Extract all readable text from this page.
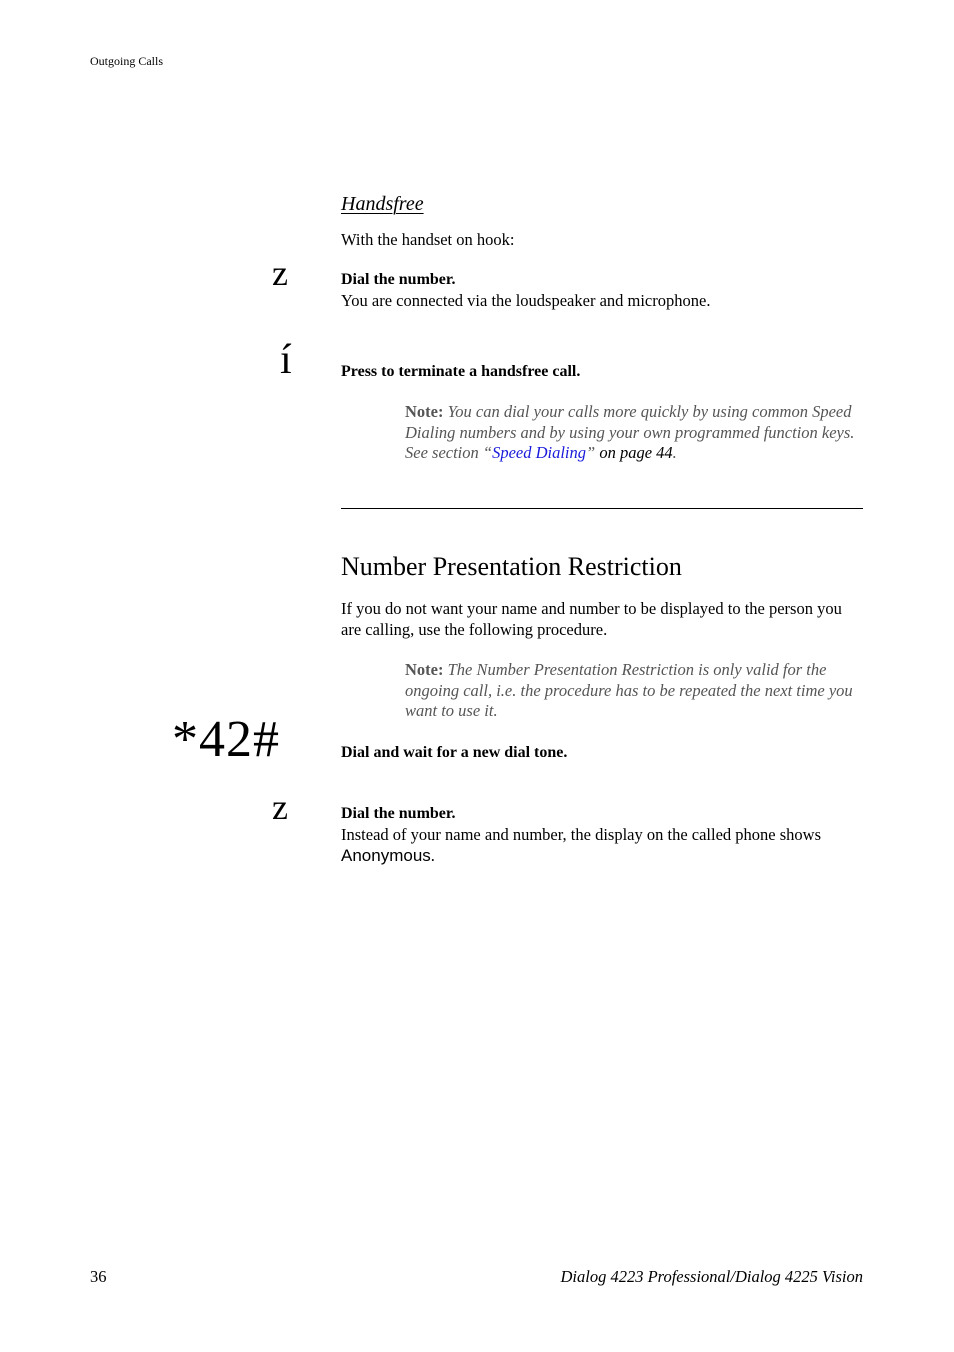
Outgoing Calls
Handsfree
With the handset on hook:
z	Dial the number.
You are connected via the loudspeaker and microphone.
í	Press to terminate a handsfree call.
Note: You can dial your calls more quickly by using common Speed Dialing numbers and by using your own programmed function keys. See section “Speed Dialing” on page 44.
Number Presentation Restriction
If you do not want your name and number to be displayed to the person you are calling, use the following procedure.
Note: The Number Presentation Restriction is only valid for the ongoing call, i.e. the procedure has to be repeated the next time you want to use it.
*42#	Dial and wait for a new dial tone.
z	Dial the number.
Instead of your name and number, the display on the called phone shows Anonymous.
36	Dialog 4223 Professional/Dialog 4225 Vision
